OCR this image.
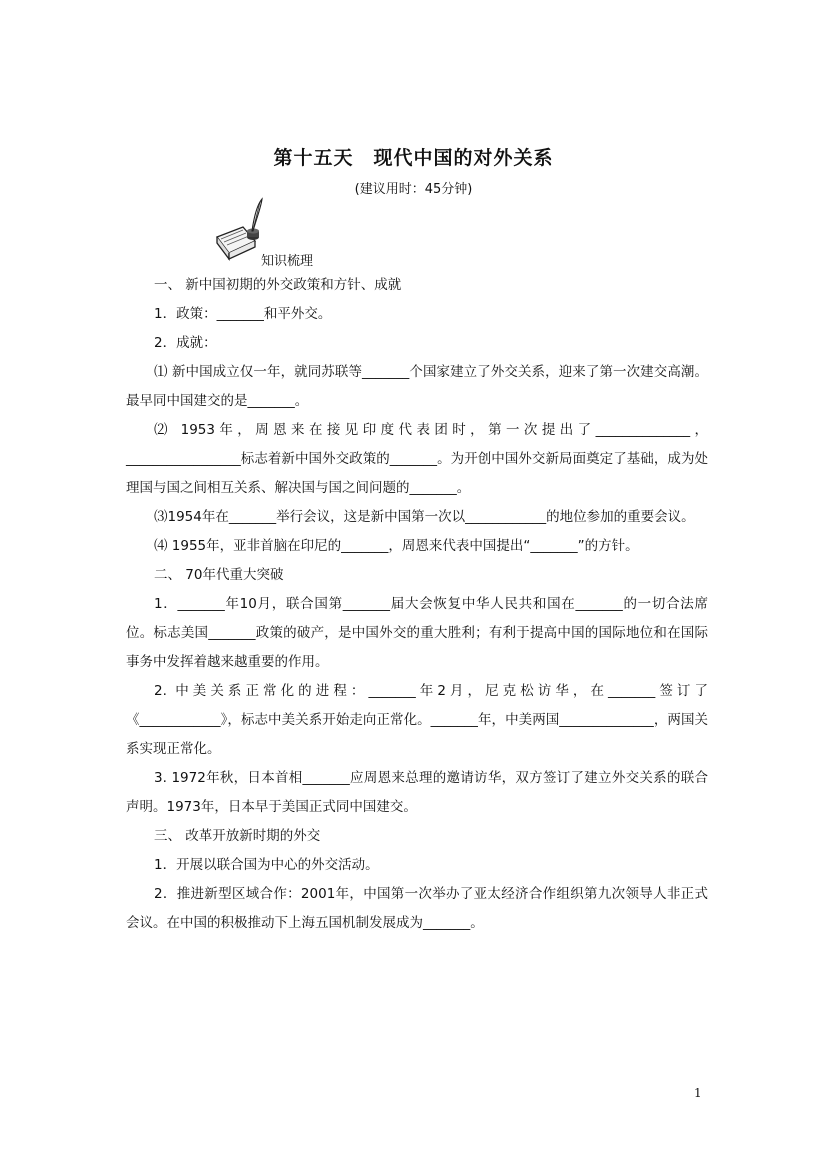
第十五天　现代中国的对外关系
(建议用时：45分钟)
知识梳理

一、 新中国初期的外交政策和方针、成就

1．政策：_______和平外交。

2．成就：

⑴ 新中国成立仅一年，就同苏联等_______个国家建立了外交关系，迎来了第一次建交高潮。最早同中国建交的是_______。

⑵ 1953年，周恩来在接见印度代表团时，第一次提出了______________，_________________标志着新中国外交政策的_______。为开创中国外交新局面奠定了基础，成为处理国与国之间相互关系、解决国与国之间问题的_______。

⑶1954年在_______举行会议，这是新中国第一次以____________的地位参加的重要会议。

⑷ 1955年，亚非首脑在印尼的_______，周恩来代表中国提出“_______”的方针。

二、 70年代重大突破

1．_______年10月，联合国第_______届大会恢复中华人民共和国在_______的一切合法席位。标志美国_______政策的破产，是中国外交的重大胜利；有利于提高中国的国际地位和在国际事务中发挥着越来越重要的作用。

2. 中美关系正常化的进程：_______年2月，尼克松访华，在_______签订了《____________》，标志中美关系开始走向正常化。_______年，中美两国______________，两国关系实现正常化。

3. 1972年秋，日本首相_______应周恩来总理的邀请访华，双方签订了建立外交关系的联合声明。1973年，日本早于美国正式同中国建交。

三、 改革开放新时期的外交

1．开展以联合国为中心的外交活动。

2．推进新型区域合作：2001年，中国第一次举办了亚太经济合作组织第九次领导人非正式会议。在中国的积极推动下上海五国机制发展成为_______。

1
